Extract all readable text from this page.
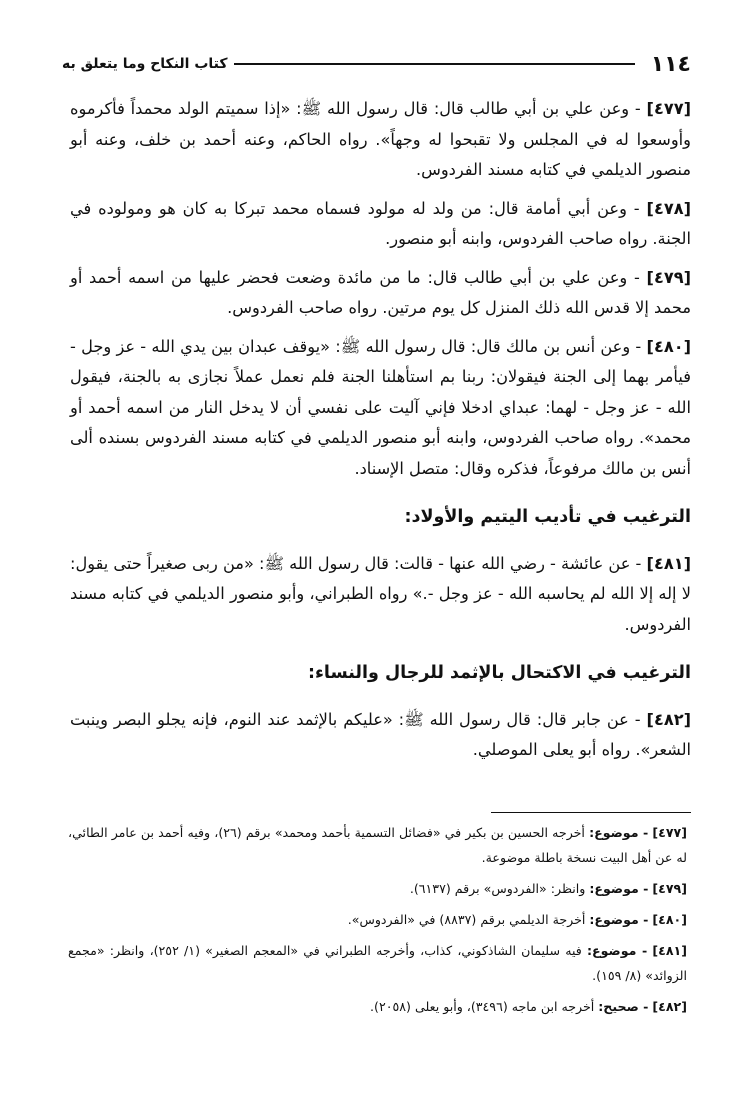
١١٤
كتاب النكاح وما يتعلق به

[٤٧٧] - وعن علي بن أبي طالب قال: قال رسول الله ﷺ: «إذا سميتم الولد محمداً فأكرموه وأوسعوا له في المجلس ولا تقبحوا له وجهاً». رواه الحاكم، وعنه أحمد بن خلف، وعنه أبو منصور الديلمي في كتابه مسند الفردوس.

[٤٧٨] - وعن أبي أمامة قال: من ولد له مولود فسماه محمد تبركا به كان هو ومولوده في الجنة. رواه صاحب الفردوس، وابنه أبو منصور.

[٤٧٩] - وعن علي بن أبي طالب قال: ما من مائدة وضعت فحضر عليها من اسمه أحمد أو محمد إلا قدس الله ذلك المنزل كل يوم مرتين. رواه صاحب الفردوس.

[٤٨٠] - وعن أنس بن مالك قال: قال رسول الله ﷺ: «يوقف عبدان بين يدي الله - عز وجل - فيأمر بهما إلى الجنة فيقولان: ربنا بم استأهلنا الجنة فلم نعمل عملاً نجازى به بالجنة، فيقول الله - عز وجل - لهما: عبداي ادخلا فإني آليت على نفسي أن لا يدخل النار من اسمه أحمد أو محمد». رواه صاحب الفردوس، وابنه أبو منصور الديلمي في كتابه مسند الفردوس بسنده ألى أنس بن مالك مرفوعاً، فذكره وقال: متصل الإسناد.

الترغيب في تأديب اليتيم والأولاد:

[٤٨١] - عن عائشة - رضي الله عنها - قالت: قال رسول الله ﷺ: «من ربى صغيراً حتى يقول: لا إله إلا الله لم يحاسبه الله - عز وجل -.» رواه الطبراني، وأبو منصور الديلمي في كتابه مسند الفردوس.

الترغيب في الاكتحال بالإثمد للرجال والنساء:

[٤٨٢] - عن جابر قال: قال رسول الله ﷺ: «عليكم بالإثمد عند النوم، فإنه يجلو البصر وينبت الشعر». رواه أبو يعلى الموصلي.

[٤٧٧] - موضوع: أخرجه الحسين بن بكير في «فضائل التسمية بأحمد ومحمد» برقم (٢٦)، وفيه أحمد بن عامر الطائي، له عن أهل البيت نسخة باطلة موضوعة.

[٤٧٩] - موضوع: وانظر: «الفردوس» برقم (٦١٣٧).

[٤٨٠] - موضوع: أخرجة الديلمي برقم (٨٨٣٧) في «الفردوس».

[٤٨١] - موضوع: فيه سليمان الشاذكوني، كذاب، وأخرجه الطبراني في «المعجم الصغير» (١/ ٢٥٢)، وانظر: «مجمع الزوائد» (٨/ ١٥٩).

[٤٨٢] - صحيح: أخرجه ابن ماجه (٣٤٩٦)، وأبو يعلى (٢٠٥٨).
